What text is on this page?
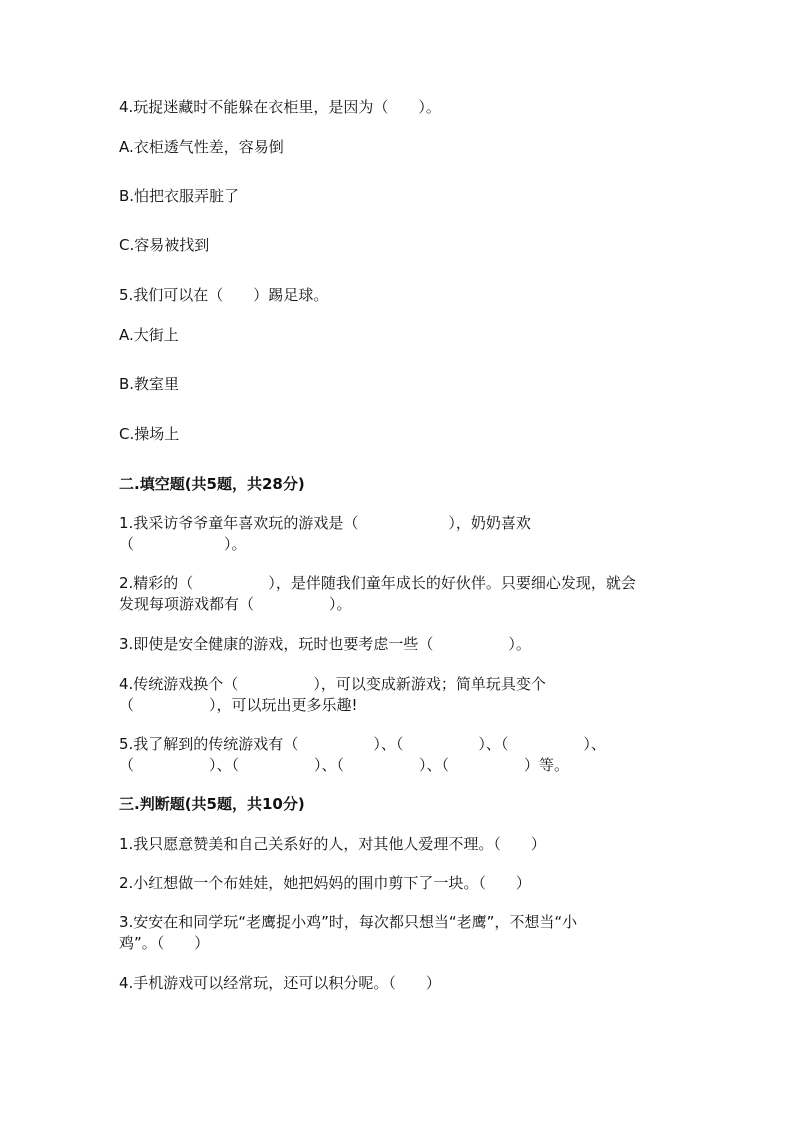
4.玩捉迷藏时不能躲在衣柜里，是因为（　　）。

A.衣柜透气性差，容易倒

B.怕把衣服弄脏了

C.容易被找到

5.我们可以在（　　）踢足球。

A.大街上

B.教室里

C.操场上

二.填空题(共5题，共28分)

1.我采访爷爷童年喜欢玩的游戏是（　　　　　　），奶奶喜欢

（　　　　　　）。

2.精彩的（　　　　　），是伴随我们童年成长的好伙伴。只要细心发现，就会

发现每项游戏都有（　　　　　）。

3.即使是安全健康的游戏，玩时也要考虑一些（　　　　　）。

4.传统游戏换个（　　　　　），可以变成新游戏；简单玩具变个

（　　　　　），可以玩出更多乐趣!

5.我了解到的传统游戏有（　　　　　）、（　　　　　）、（　　　　　）、

（　　　　　）、（　　　　　）、（　　　　　）、（　　　　　）等。

三.判断题(共5题，共10分)

1.我只愿意赞美和自己关系好的人，对其他人爱理不理。（　　）

2.小红想做一个布娃娃，她把妈妈的围巾剪下了一块。（　　）

3.安安在和同学玩“老鹰捉小鸡”时，每次都只想当“老鹰”，不想当“小

鸡”。（　　）

4.手机游戏可以经常玩，还可以积分呢。（　　）
